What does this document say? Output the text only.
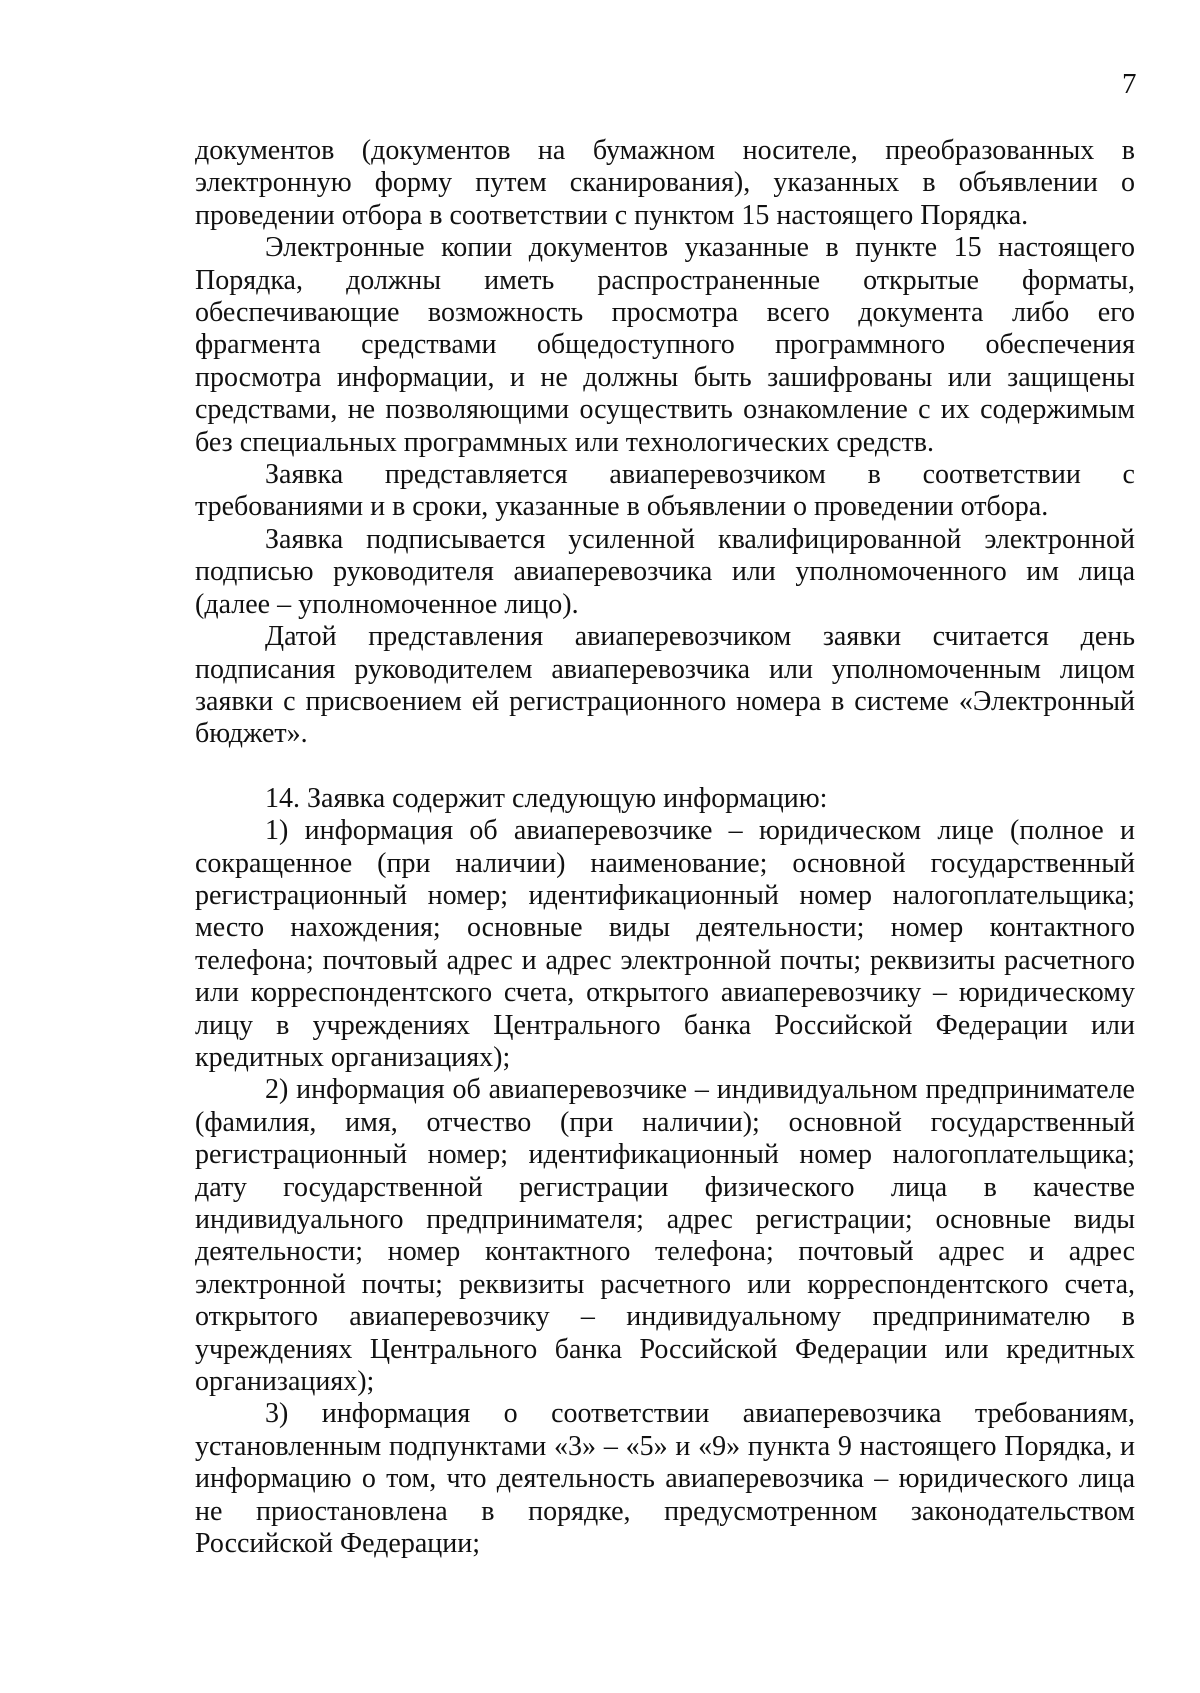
7

документов (документов на бумажном носителе, преобразованных в электронную форму путем сканирования), указанных в объявлении о проведении отбора в соответствии с пунктом 15 настоящего Порядка.

Электронные копии документов указанные в пункте 15 настоящего Порядка, должны иметь распространенные открытые форматы, обеспечивающие возможность просмотра всего документа либо его фрагмента средствами общедоступного программного обеспечения просмотра информации, и не должны быть зашифрованы или защищены средствами, не позволяющими осуществить ознакомление с их содержимым без специальных программных или технологических средств.

Заявка представляется авиаперевозчиком в соответствии с требованиями и в сроки, указанные в объявлении о проведении отбора.

Заявка подписывается усиленной квалифицированной электронной подписью руководителя авиаперевозчика или уполномоченного им лица (далее – уполномоченное лицо).

Датой представления авиаперевозчиком заявки считается день подписания руководителем авиаперевозчика или уполномоченным лицом заявки с присвоением ей регистрационного номера в системе «Электронный бюджет».

14. Заявка содержит следующую информацию:

1) информация об авиаперевозчике – юридическом лице (полное и сокращенное (при наличии) наименование; основной государственный регистрационный номер; идентификационный номер налогоплательщика; место нахождения; основные виды деятельности; номер контактного телефона; почтовый адрес и адрес электронной почты; реквизиты расчетного или корреспондентского счета, открытого авиаперевозчику – юридическому лицу в учреждениях Центрального банка Российской Федерации или кредитных организациях);

2) информация об авиаперевозчике – индивидуальном предпринимателе (фамилия, имя, отчество (при наличии); основной государственный регистрационный номер; идентификационный номер налогоплательщика; дату государственной регистрации физического лица в качестве индивидуального предпринимателя; адрес регистрации; основные виды деятельности; номер контактного телефона; почтовый адрес и адрес электронной почты; реквизиты расчетного или корреспондентского счета, открытого авиаперевозчику – индивидуальному предпринимателю в учреждениях Центрального банка Российской Федерации или кредитных организациях);

3) информация о соответствии авиаперевозчика требованиям, установленным подпунктами «3» – «5» и «9» пункта 9 настоящего Порядка, и информацию о том, что деятельность авиаперевозчика – юридического лица не приостановлена в порядке, предусмотренном законодательством Российской Федерации;
